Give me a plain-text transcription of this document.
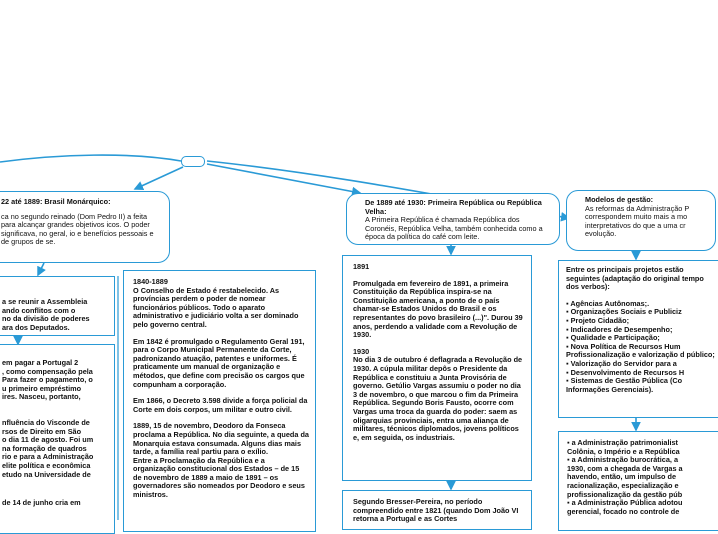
22 até 1889: Brasil Monárquico:
ca no segundo reinado (Dom Pedro II) a feita para alcançar grandes objetivos icos. O poder significava, no geral, io e benefícios pessoais e de grupos de se.
De 1889 até 1930: Primeira República ou República Velha:
A Primeira República é chamada República dos Coronéis, República Velha, também conhecida como a época da política do café com leite.
Modelos de gestão:
As reformas da Administração P correspondem muito mais a mo interpretativos do que a uma cr evolução.
a se reunir a Assembleia
ando conflitos com o
no da divisão de poderes
ara dos Deputados.
em pagar a Portugal 2
, como compensação pela
Para fazer o pagamento, o
u primeiro empréstimo
ires. Nasceu, portanto,
nfluência do Visconde de
rsos de Direito em São
o dia 11 de agosto. Foi um
na formação de quadros
rio e para a Administração
elite política e econômica
etudo na Universidade de
de 14 de junho cria em

1840-1889
O Conselho de Estado é restabelecido. As províncias perdem o poder de nomear funcionários públicos. Todo o aparato administrativo e judiciário volta a ser dominado pelo governo central.

Em 1842 é promulgado o Regulamento Geral 191, para o Corpo Municipal Permanente da Corte, padronizando atuação, patentes e uniformes. É praticamente um manual de organização e métodos, que define com precisão os cargos que compunham a corporação.

Em 1866, o Decreto 3.598 divide a força policial da Corte em dois corpos, um militar e outro civil.

1889, 15 de novembro, Deodoro da Fonseca proclama a República. No dia seguinte, a queda da Monarquia estava consumada. Alguns dias mais tarde, a família real partiu para o exílio.
Entre a Proclamação da República e a organização constitucional dos Estados – de 15 de novembro de 1889 a maio de 1891 – os governadores são nomeados por Deodoro e seus ministros.

1891

Promulgada em fevereiro de 1891, a primeira Constituição da República inspira-se na Constituição americana, a ponto de o país chamar-se Estados Unidos do Brasil e os representantes do povo brasileiro (...)". Durou 39 anos, perdendo a validade com a Revolução de 1930.

1930
No dia 3 de outubro é deflagrada a Revolução de 1930. A cúpula militar depôs o Presidente da República e constituiu a Junta Provisória de governo. Getúlio Vargas assumiu o poder no dia 3 de novembro, o que marcou o fim da Primeira República. Segundo Boris Fausto, ocorre com Vargas uma troca da guarda do poder: saem as oligarquias provinciais, entra uma aliança de militares, técnicos diplomados, jovens políticos e, em seguida, os industriais.

Segundo Bresser-Pereira, no período compreendido entre 1821 (quando Dom João VI retorna a Portugal e as Cortes
Entre os principais projetos estão seguintes (adaptação do original tempo dos verbos):
▪ Agências Autônomas;.
▪ Organizações Sociais e Publiciz
▪ Projeto Cidadão;
▪ Indicadores de Desempenho;
▪ Qualidade e Participação;
▪ Nova Política de Recursos Hum Profissionalização e valorização d público;
▪ Valorização do Servidor para a
▪ Desenvolvimento de Recursos H
▪ Sistemas de Gestão Pública (Co Informações Gerenciais).
▪ a Administração patrimonialist
Colônia, o Império e a República
▪ a Administração burocrática, a
1930, com a chegada de Vargas a
havendo, então, um impulso de
racionalização, especialização e
profissionalização da gestão púb
▪ a Administração Pública adotou
gerencial, focado no controle de
